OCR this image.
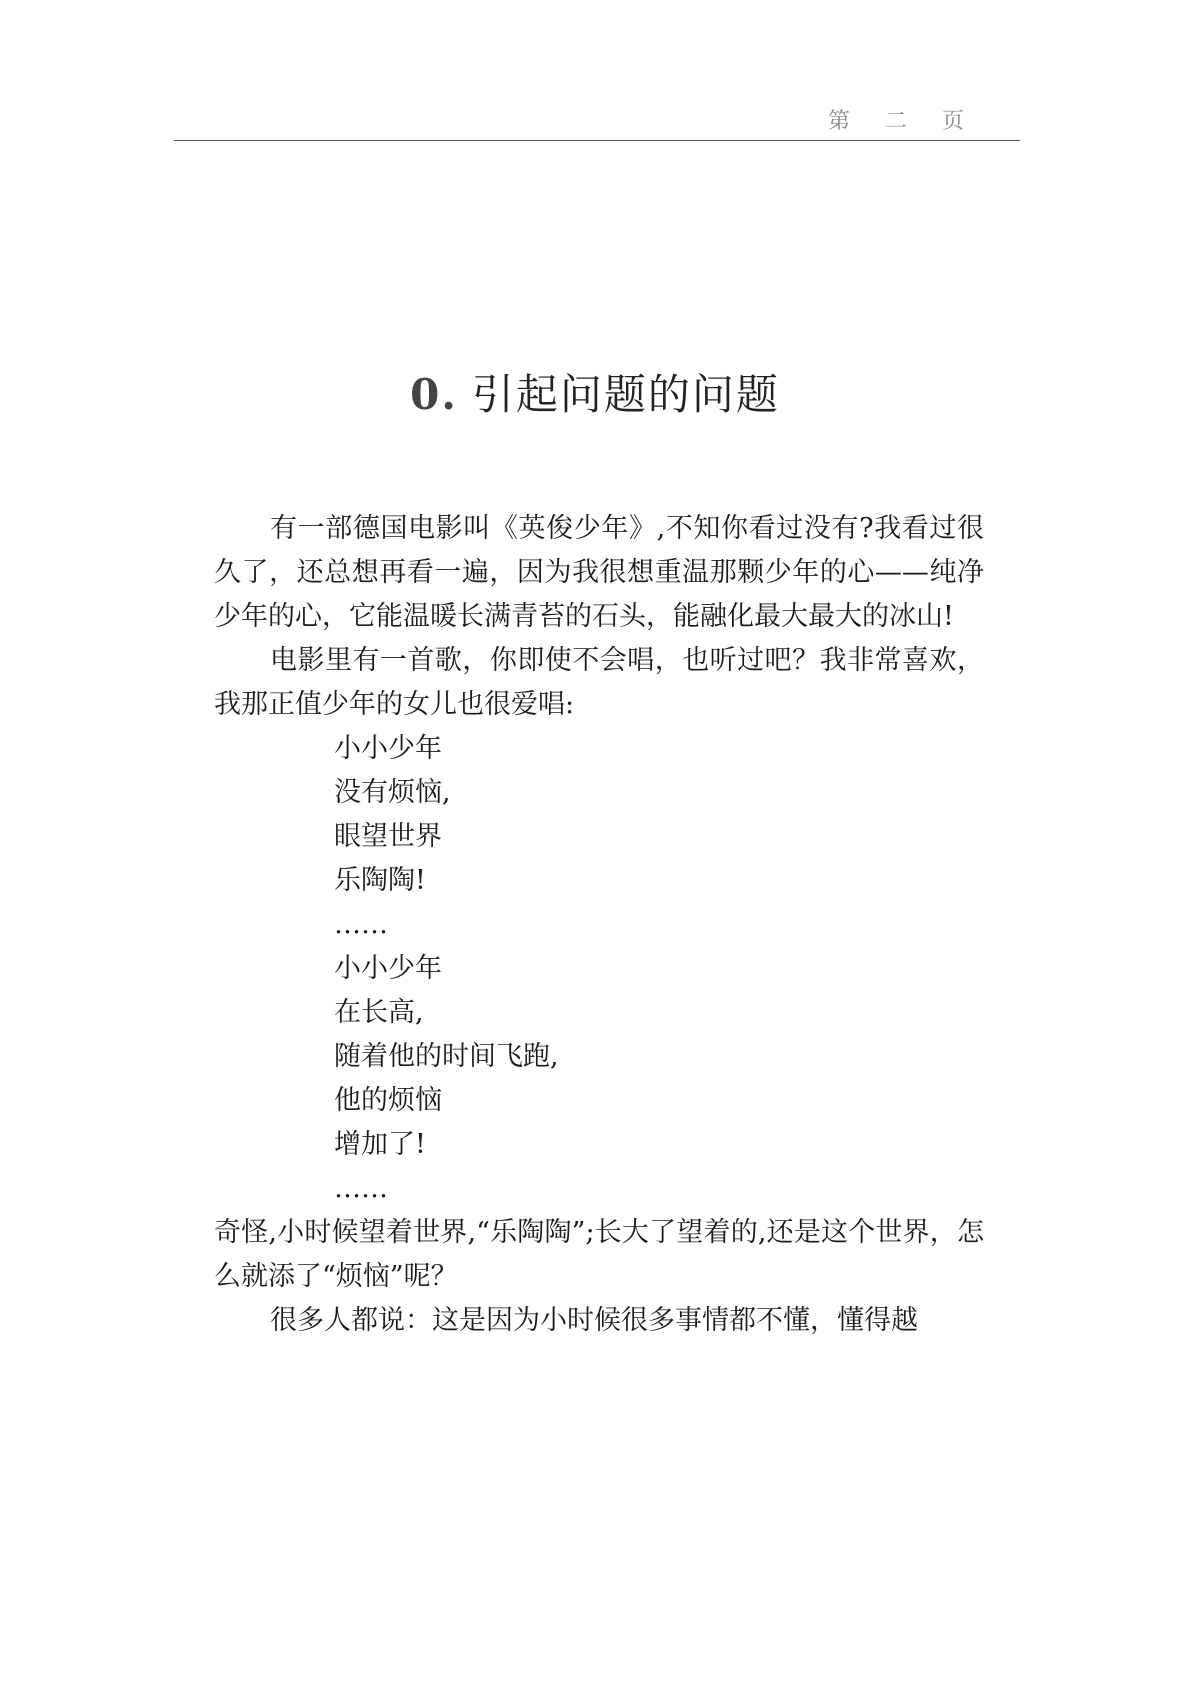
第 二 页
0. 引起问题的问题

有一部德国电影叫《英俊少年》,不知你看过没有?我看过很久了，还总想再看一遍，因为我很想重温那颗少年的心——纯净少年的心，它能温暖长满青苔的石头，能融化最大最大的冰山!

电影里有一首歌，你即使不会唱，也听过吧？我非常喜欢，我那正值少年的女儿也很爱唱:

小小少年
没有烦恼,
眼望世界
乐陶陶!
……
小小少年
在长高,
随着他的时间飞跑,
他的烦恼
增加了!
……

奇怪,小时候望着世界,“乐陶陶”;长大了望着的,还是这个世界，怎么就添了“烦恼”呢？

很多人都说：这是因为小时候很多事情都不懂，懂得越
